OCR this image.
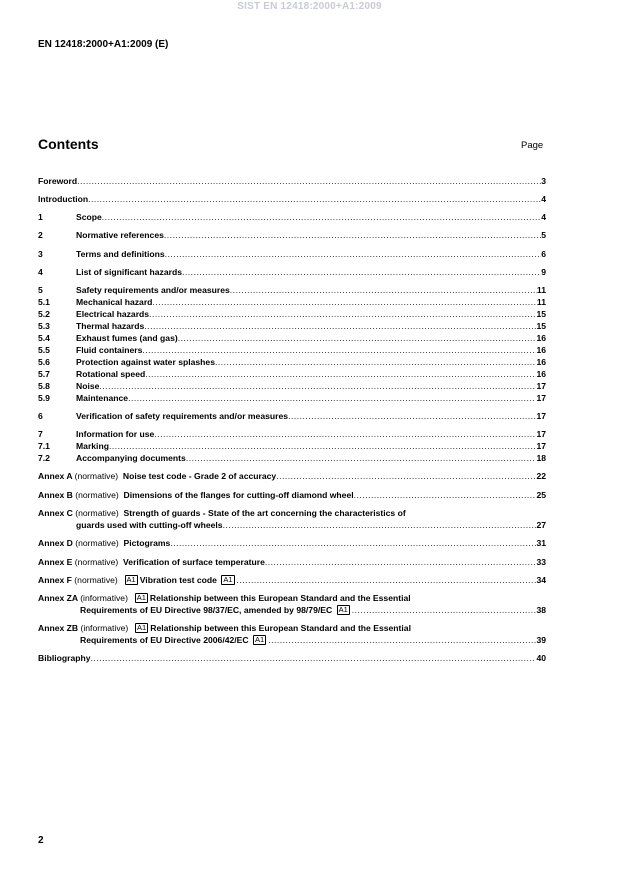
SIST EN 12418:2000+A1:2009
EN 12418:2000+A1:2009 (E)
Contents	Page
Foreword .....	3
Introduction .....	4
1	Scope .....	4
2	Normative references .....	5
3	Terms and definitions .....	6
4	List of significant hazards .....	9
5	Safety requirements and/or measures .....	11
5.1	Mechanical hazard .....	11
5.2	Electrical hazards .....	15
5.3	Thermal hazards .....	15
5.4	Exhaust fumes (and gas) .....	16
5.5	Fluid containers .....	16
5.6	Protection against water splashes .....	16
5.7	Rotational speed .....	16
5.8	Noise .....	17
5.9	Maintenance .....	17
6	Verification of safety requirements and/or measures .....	17
7	Information for use .....	17
7.1	Marking .....	17
7.2	Accompanying documents .....	18
Annex A (normative) Noise test code - Grade 2 of accuracy .....	22
Annex B (normative) Dimensions of the flanges for cutting-off diamond wheel .....	25
Annex C (normative) Strength of guards - State of the art concerning the characteristics of
guards used with cutting-off wheels .....	27
Annex D (normative) Pictograms .....	31
Annex E (normative) Verification of surface temperature .....	33
Annex F (normative) A1 Vibration test code A1 .....	34
Annex ZA (informative) A1 Relationship between this European Standard and the Essential
Requirements of EU Directive 98/37/EC, amended by 98/79/EC A1 .....	38
Annex ZB (informative) A1 Relationship between this European Standard and the Essential
Requirements of EU Directive 2006/42/EC A1 .....	39
Bibliography .....	40
2
